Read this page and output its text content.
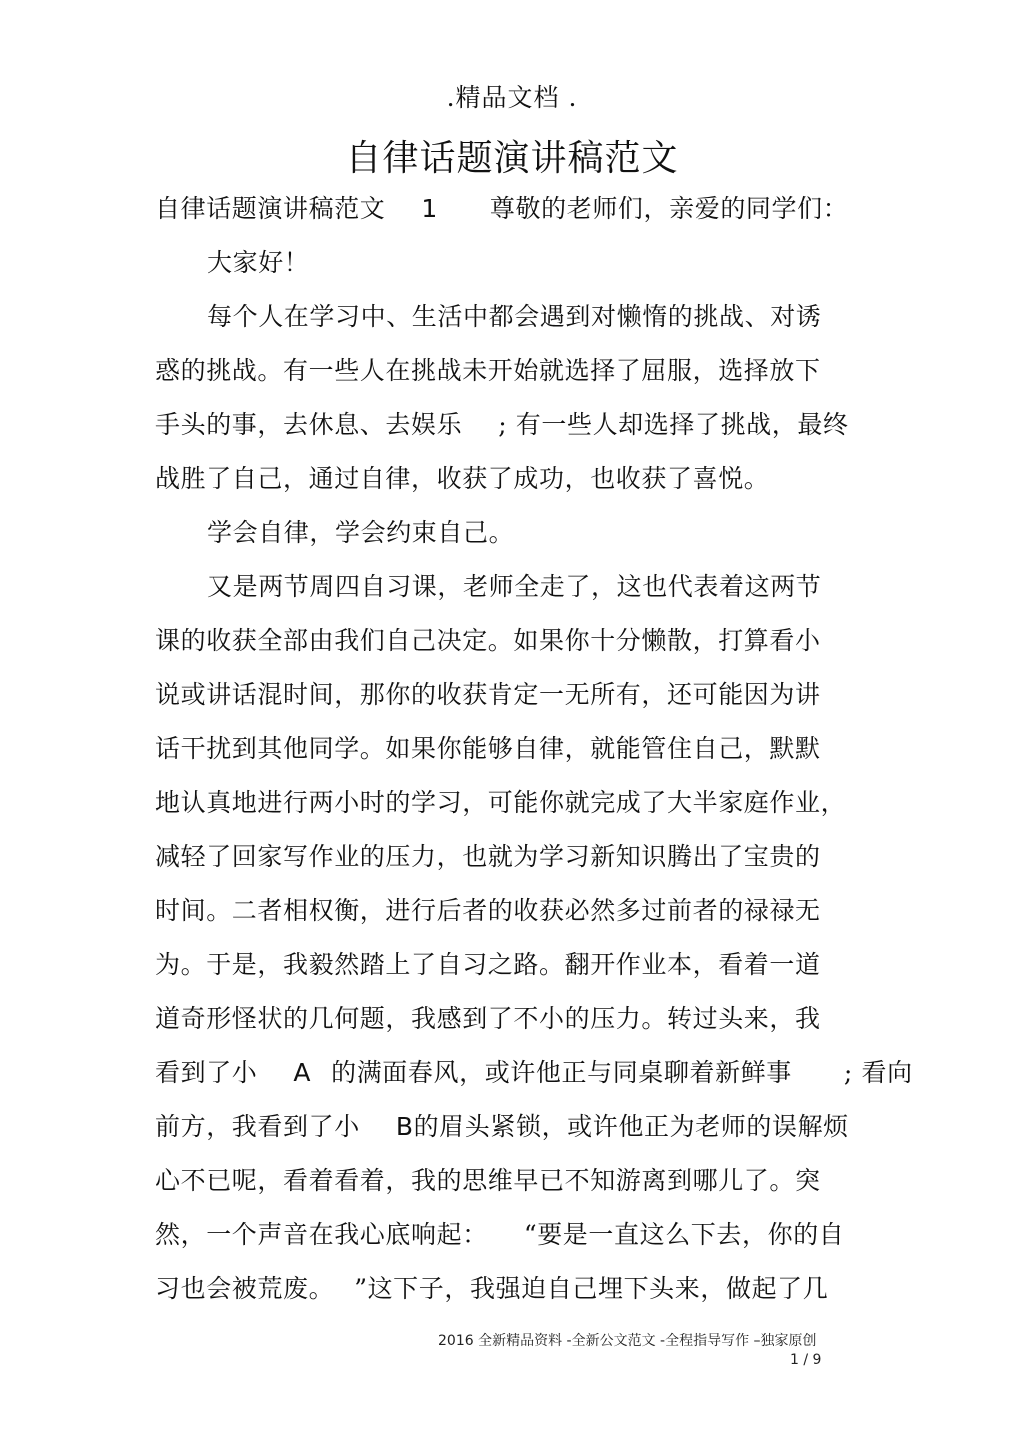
.精品文档 .
自律话题演讲稿范文
自律话题演讲稿范文 1 尊敬的老师们，亲爱的同学们：
大家好！
每个人在学习中、生活中都会遇到对懒惰的挑战、对诱
惑的挑战。有一些人在挑战未开始就选择了屈服，选择放下
手头的事，去休息、去娱乐 ; 有一些人却选择了挑战，最终
战胜了自己，通过自律，收获了成功，也收获了喜悦。
学会自律，学会约束自己。
又是两节周四自习课，老师全走了，这也代表着这两节
课的收获全部由我们自己决定。如果你十分懒散，打算看小
说或讲话混时间，那你的收获肯定一无所有，还可能因为讲
话干扰到其他同学。如果你能够自律，就能管住自己，默默
地认真地进行两小时的学习，可能你就完成了大半家庭作业，
减轻了回家写作业的压力，也就为学习新知识腾出了宝贵的
时间。二者相权衡，进行后者的收获必然多过前者的禄禄无
为。于是，我毅然踏上了自习之路。翻开作业本，看着一道
道奇形怪状的几何题，我感到了不小的压力。转过头来，我
看到了小 A 的满面春风，或许他正与同桌聊着新鲜事 ; 看向
前方，我看到了小 B的眉头紧锁，或许他正为老师的误解烦
心不已呢，看着看着，我的思维早已不知游离到哪儿了。突
然，一个声音在我心底响起： “要是一直这么下去，你的自
习也会被荒废。 ”这下子，我强迫自己埋下头来，做起了几
2016 全新精品资料 -全新公文范文 -全程指导写作 –独家原创
1 / 9
